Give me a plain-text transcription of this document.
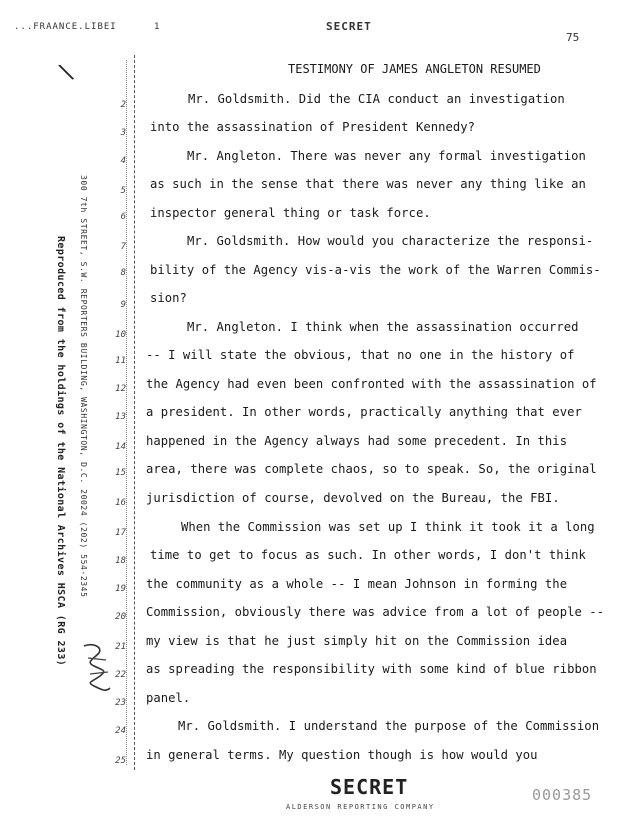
...FRAANCE.LIBEI	1	SECRET
75
\
300 7th STREET, S.W. REPORTERS BUILDING, WASHINGTON, D.C. 20024 (202) 554-2345
Reproduced from the holdings of the National Archives HSCA (RG 233)
TESTIMONY OF JAMES ANGLETON RESUMED
2
3
4
5
6
7
8
9
10
11
12
13
14
15
16
17
18
19
20
21
22
23
24
25
Mr. Goldsmith. Did the CIA conduct an investigation
into the assassination of President Kennedy?
Mr. Angleton. There was never any formal investigation
as such in the sense that there was never any thing like an
inspector general thing or task force.
Mr. Goldsmith. How would you characterize the responsi-
bility of the Agency vis-a-vis the work of the Warren Commis-
sion?
Mr. Angleton. I think when the assassination occurred
-- I will state the obvious, that no one in the history of
the Agency had even been confronted with the assassination of
a president. In other words, practically anything that ever
happened in the Agency always had some precedent. In this
area, there was complete chaos, so to speak. So, the original
jurisdiction of course, devolved on the Bureau, the FBI.
When the Commission was set up I think it took it a long
time to get to focus as such. In other words, I don't think
the community as a whole -- I mean Johnson in forming the
Commission, obviously there was advice from a lot of people --
my view is that he just simply hit on the Commission idea
as spreading the responsibility with some kind of blue ribbon
panel.
Mr. Goldsmith. I understand the purpose of the Commission
in general terms. My question though is how would you
SECRET
ALDERSON REPORTING COMPANY
000385
